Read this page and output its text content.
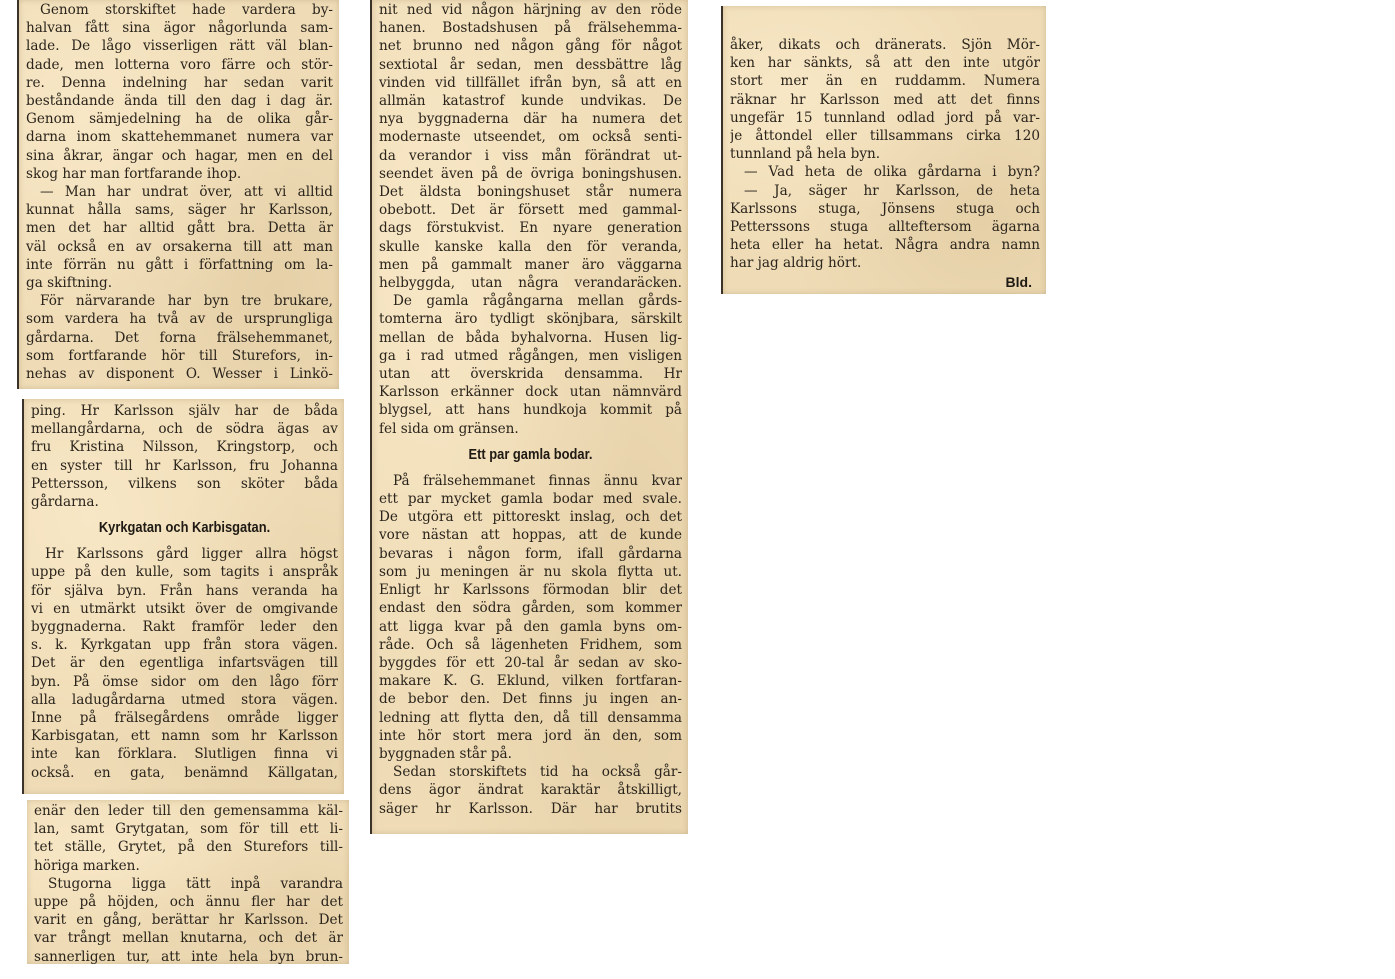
Genom storskiftet hade vardera by-
halvan fått sina ägor någorlunda sam-
lade. De lågo visserligen rätt väl blan-
dade, men lotterna voro färre och stör-
re. Denna indelning har sedan varit
beståndande ända till den dag i dag är.
Genom sämjedelning ha de olika går-
darna inom skattehemmanet numera var
sina åkrar, ängar och hagar, men en del
skog har man fortfarande ihop.
— Man har undrat över, att vi alltid
kunnat hålla sams, säger hr Karlsson,
men det har alltid gått bra. Detta är
väl också en av orsakerna till att man
inte förrän nu gått i författning om la-
ga skiftning.
För närvarande har byn tre brukare,
som vardera ha två av de ursprungliga
gårdarna. Det forna frälsehemmanet,
som fortfarande hör till Sturefors, in-
nehas av disponent O. Wesser i Linkö-
ping. Hr Karlsson själv har de båda
mellangårdarna, och de södra ägas av
fru Kristina Nilsson, Kringstorp, och
en syster till hr Karlsson, fru Johanna
Pettersson, vilkens son sköter båda
gårdarna.
Kyrkgatan och Karbisgatan.
Hr Karlssons gård ligger allra högst
uppe på den kulle, som tagits i anspråk
för själva byn. Från hans veranda ha
vi en utmärkt utsikt över de omgivande
byggnaderna. Rakt framför leder den
s. k. Kyrkgatan upp från stora vägen.
Det är den egentliga infartsvägen till
byn. På ömse sidor om den lågo förr
alla ladugårdarna utmed stora vägen.
Inne på frälsegårdens område ligger
Karbisgatan, ett namn som hr Karlsson
inte kan förklara. Slutligen finna vi
också. en gata, benämnd Källgatan,
enär den leder till den gemensamma käl-
lan, samt Grytgatan, som för till ett li-
tet ställe, Grytet, på den Sturefors till-
höriga marken.
Stugorna ligga tätt inpå varandra
uppe på höjden, och ännu fler har det
varit en gång, berättar hr Karlsson. Det
var trångt mellan knutarna, och det är
sannerligen tur, att inte hela byn brun-
nit ned vid någon härjning av den röde
hanen. Bostadshusen på frälsehemma-
net brunno ned någon gång för något
sextiotal år sedan, men dessbättre låg
vinden vid tillfället ifrån byn, så att en
allmän katastrof kunde undvikas. De
nya byggnaderna där ha numera det
modernaste utseendet, om också senti-
da verandor i viss mån förändrat ut-
seendet även på de övriga boningshusen.
Det äldsta boningshuset står numera
obebott. Det är försett med gammal-
dags förstukvist. En nyare generation
skulle kanske kalla den för veranda,
men på gammalt maner äro väggarna
helbyggda, utan några verandaräcken.
De gamla rågångarna mellan gårds-
tomterna äro tydligt skönjbara, särskilt
mellan de båda byhalvorna. Husen lig-
ga i rad utmed rågången, men visligen
utan att överskrida densamma. Hr
Karlsson erkänner dock utan nämnvärd
blygsel, att hans hundkoja kommit på
fel sida om gränsen.
Ett par gamla bodar.
På frälsehemmanet finnas ännu kvar
ett par mycket gamla bodar med svale.
De utgöra ett pittoreskt inslag, och det
vore nästan att hoppas, att de kunde
bevaras i någon form, ifall gårdarna
som ju meningen är nu skola flytta ut.
Enligt hr Karlssons förmodan blir det
endast den södra gården, som kommer
att ligga kvar på den gamla byns om-
råde. Och så lägenheten Fridhem, som
byggdes för ett 20-tal år sedan av sko-
makare K. G. Eklund, vilken fortfaran-
de bebor den. Det finns ju ingen an-
ledning att flytta den, då till densamma
inte hör stort mera jord än den, som
byggnaden står på.
Sedan storskiftets tid ha också går-
dens ägor ändrat karaktär åtskilligt,
säger hr Karlsson. Där har brutits
åker, dikats och dränerats. Sjön Mör-
ken har sänkts, så att den inte utgör
stort mer än en ruddamm. Numera
räknar hr Karlsson med att det finns
ungefär 15 tunnland odlad jord på var-
je åttondel eller tillsammans cirka 120
tunnland på hela byn.
— Vad heta de olika gårdarna i byn?
— Ja, säger hr Karlsson, de heta
Karlssons stuga, Jönsens stuga och
Petterssons stuga allteftersom ägarna
heta eller ha hetat. Några andra namn
har jag aldrig hört.
Bld.
